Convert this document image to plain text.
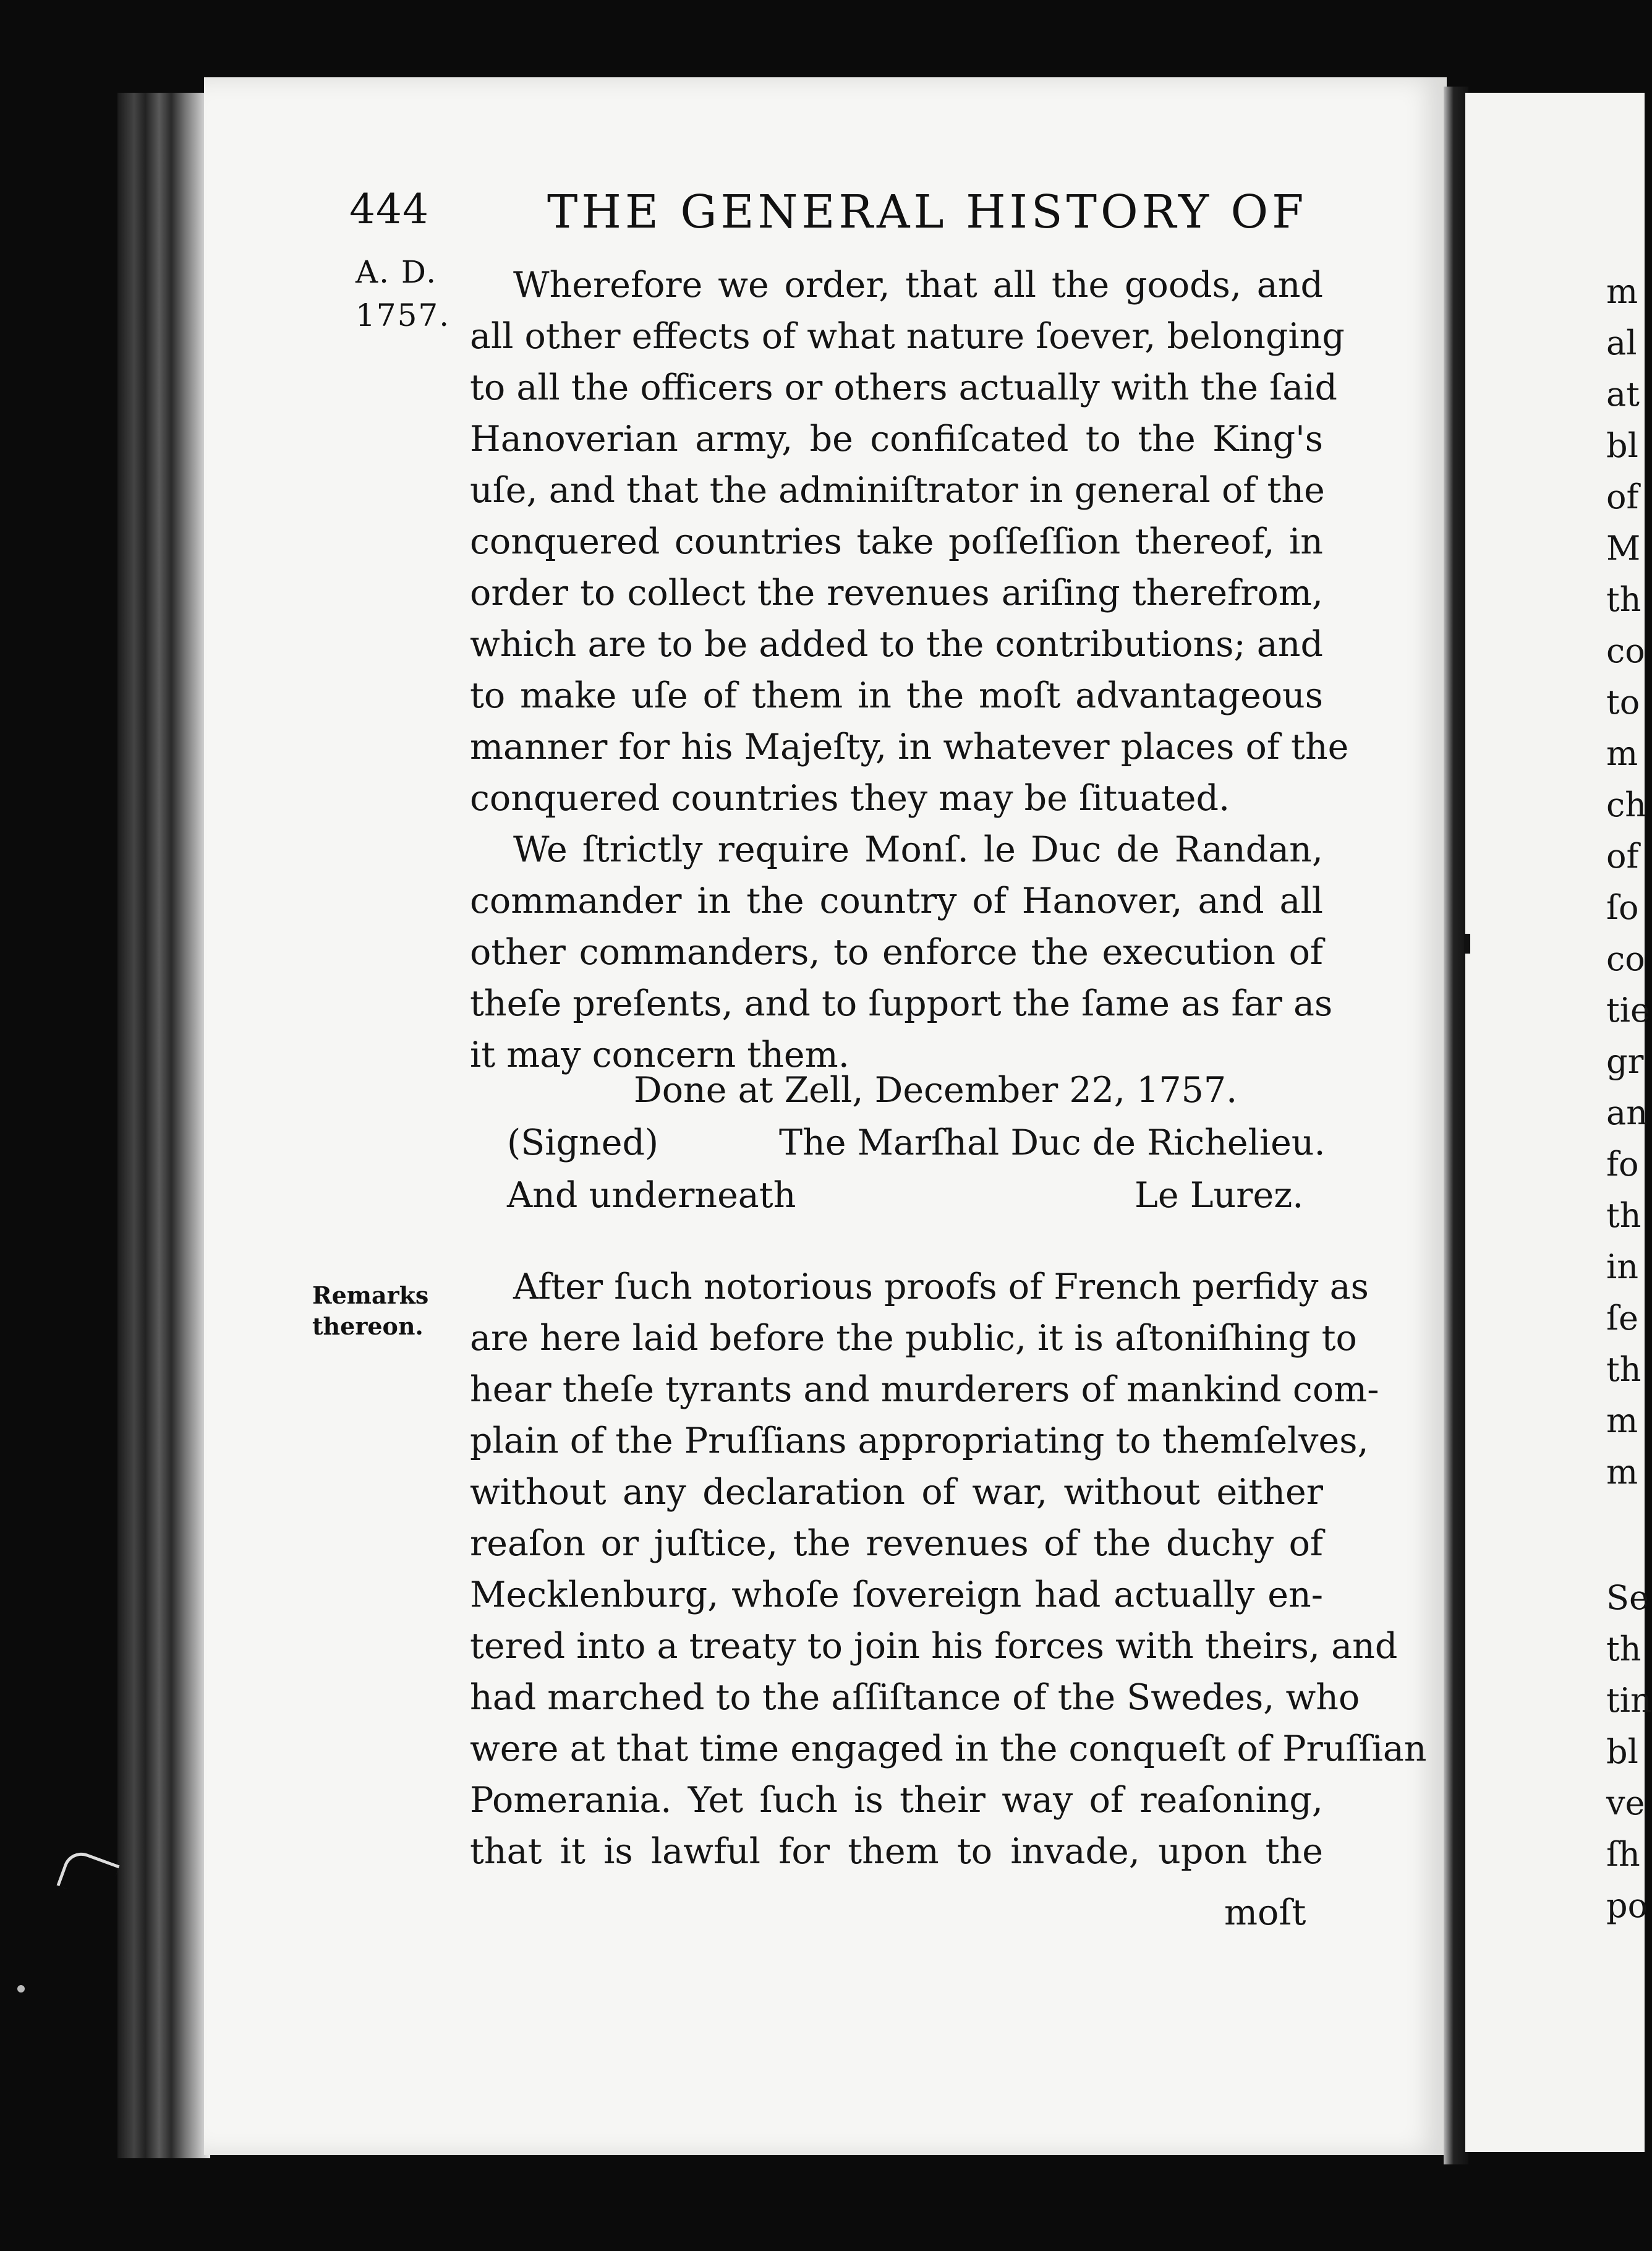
444	THE GENERAL HISTORY OF
A. D.
1757.
Remarks
thereon.
Wherefore we order, that all the goods, and
all other effects of what nature ſoever, belonging
to all the officers or others actually with the ſaid
Hanoverian army, be confiſcated to the King's
uſe, and that the adminiſtrator in general of the
conquered countries take poſſeſſion thereof, in
order to collect the revenues ariſing therefrom,
which are to be added to the contributions; and
to make uſe of them in the moſt advantageous
manner for his Majeſty, in whatever places of the
conquered countries they may be ſituated.
We ſtrictly require Monſ. le Duc de Randan,
commander in the country of Hanover, and all
other commanders, to enforce the execution of
theſe preſents, and to ſupport the ſame as far as
it may concern them.
Done at Zell, December 22, 1757.
(Signed)	The Marſhal Duc de Richelieu.
And underneath	Le Lurez.
After ſuch notorious proofs of French perfidy as
are here laid before the public, it is aſtoniſhing to
hear theſe tyrants and murderers of mankind com-
plain of the Pruſſians appropriating to themſelves,
without any declaration of war, without either
reaſon or juſtice, the revenues of the duchy of
Mecklenburg, whoſe ſovereign had actually en-
tered into a treaty to join his forces with theirs, and
had marched to the aſſiſtance of the Swedes, who
were at that time engaged in the conqueſt of Pruſſian
Pomerania. Yet ſuch is their way of reaſoning,
that it is lawful for them to invade, upon the
moſt
m
al
at
bl
of
M
th
co
to
m
ch
of
ſo
co
tie
gr
an
fo
th
in
ſe
th
m
m
Se
th
tin
bl
ve
ſh
po
